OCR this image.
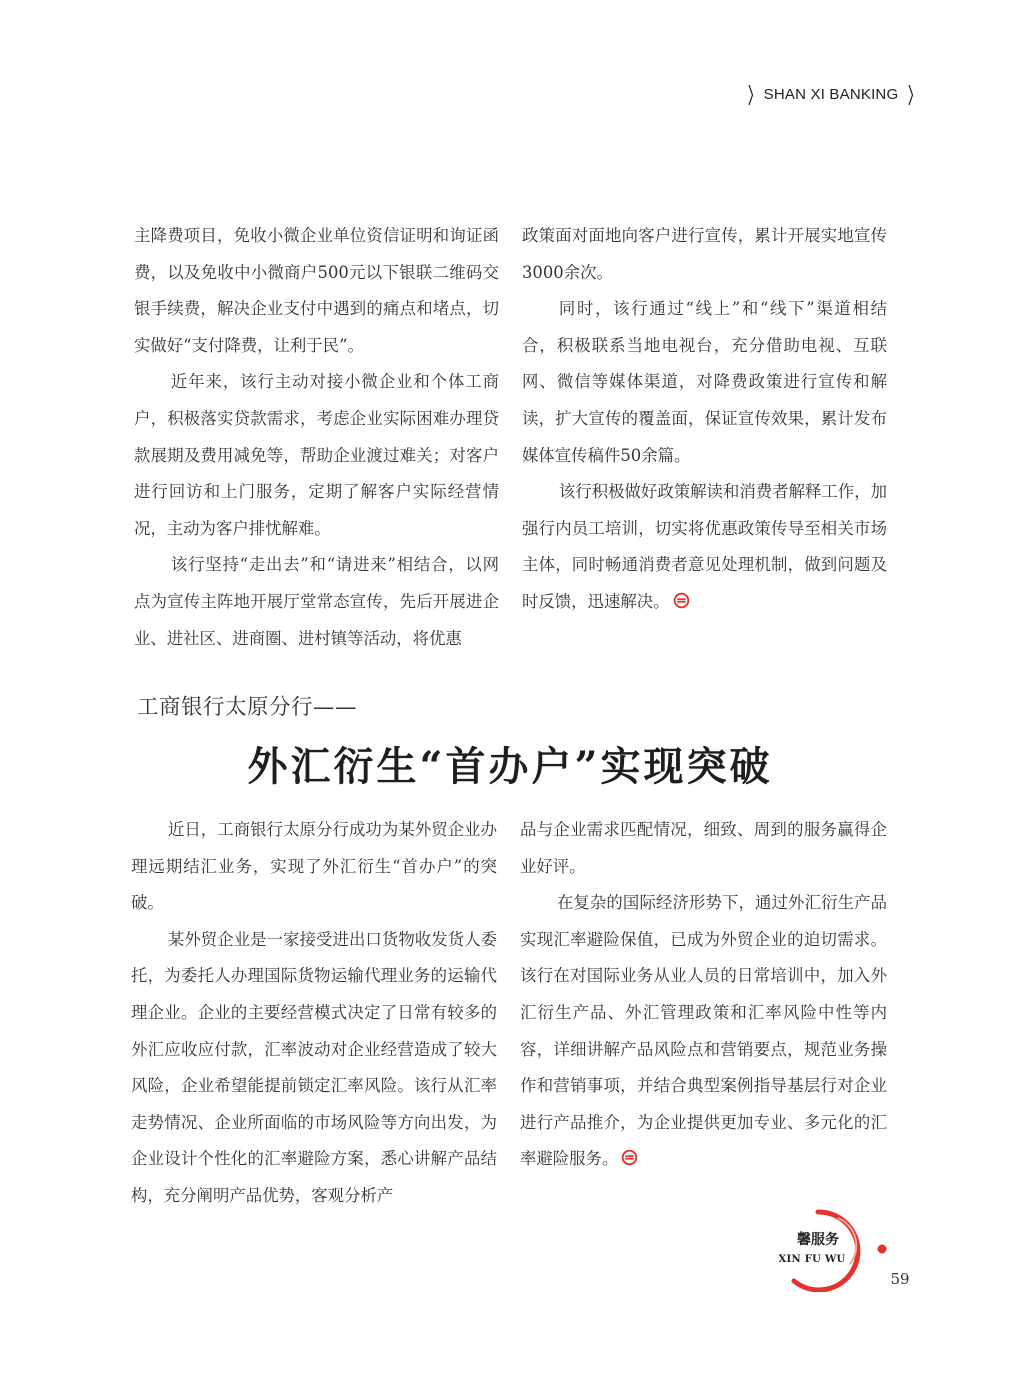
SHAN XI BANKING

主降费项目，免收小微企业单位资信证明和询证函费，以及免收中小微商户500元以下银联二维码交银手续费，解决企业支付中遇到的痛点和堵点，切实做好“支付降费，让利于民”。

近年来，该行主动对接小微企业和个体工商户，积极落实贷款需求，考虑企业实际困难办理贷款展期及费用减免等，帮助企业渡过难关；对客户进行回访和上门服务，定期了解客户实际经营情况，主动为客户排忧解难。

该行坚持“走出去”和“请进来”相结合，以网点为宣传主阵地开展厅堂常态宣传，先后开展进企业、进社区、进商圈、进村镇等活动，将优惠

政策面对面地向客户进行宣传，累计开展实地宣传3000余次。

同时，该行通过“线上”和“线下”渠道相结合，积极联系当地电视台，充分借助电视、互联网、微信等媒体渠道，对降费政策进行宣传和解读，扩大宣传的覆盖面，保证宣传效果，累计发布媒体宣传稿件50余篇。

该行积极做好政策解读和消费者解释工作，加强行内员工培训，切实将优惠政策传导至相关市场主体，同时畅通消费者意见处理机制，做到问题及时反馈，迅速解决。

工商银行太原分行——
外汇衍生“首办户”实现突破

近日，工商银行太原分行成功为某外贸企业办理远期结汇业务，实现了外汇衍生“首办户”的突破。

某外贸企业是一家接受进出口货物收发货人委托，为委托人办理国际货物运输代理业务的运输代理企业。企业的主要经营模式决定了日常有较多的外汇应收应付款，汇率波动对企业经营造成了较大风险，企业希望能提前锁定汇率风险。该行从汇率走势情况、企业所面临的市场风险等方向出发，为企业设计个性化的汇率避险方案，悉心讲解产品结构，充分阐明产品优势，客观分析产

品与企业需求匹配情况，细致、周到的服务赢得企业好评。

在复杂的国际经济形势下，通过外汇衍生产品实现汇率避险保值，已成为外贸企业的迫切需求。该行在对国际业务从业人员的日常培训中，加入外汇衍生产品、外汇管理政策和汇率风险中性等内容，详细讲解产品风险点和营销要点，规范业务操作和营销事项，并结合典型案例指导基层行对企业进行产品推介，为企业提供更加专业、多元化的汇率避险服务。

馨服务
XIN FU WU
59
